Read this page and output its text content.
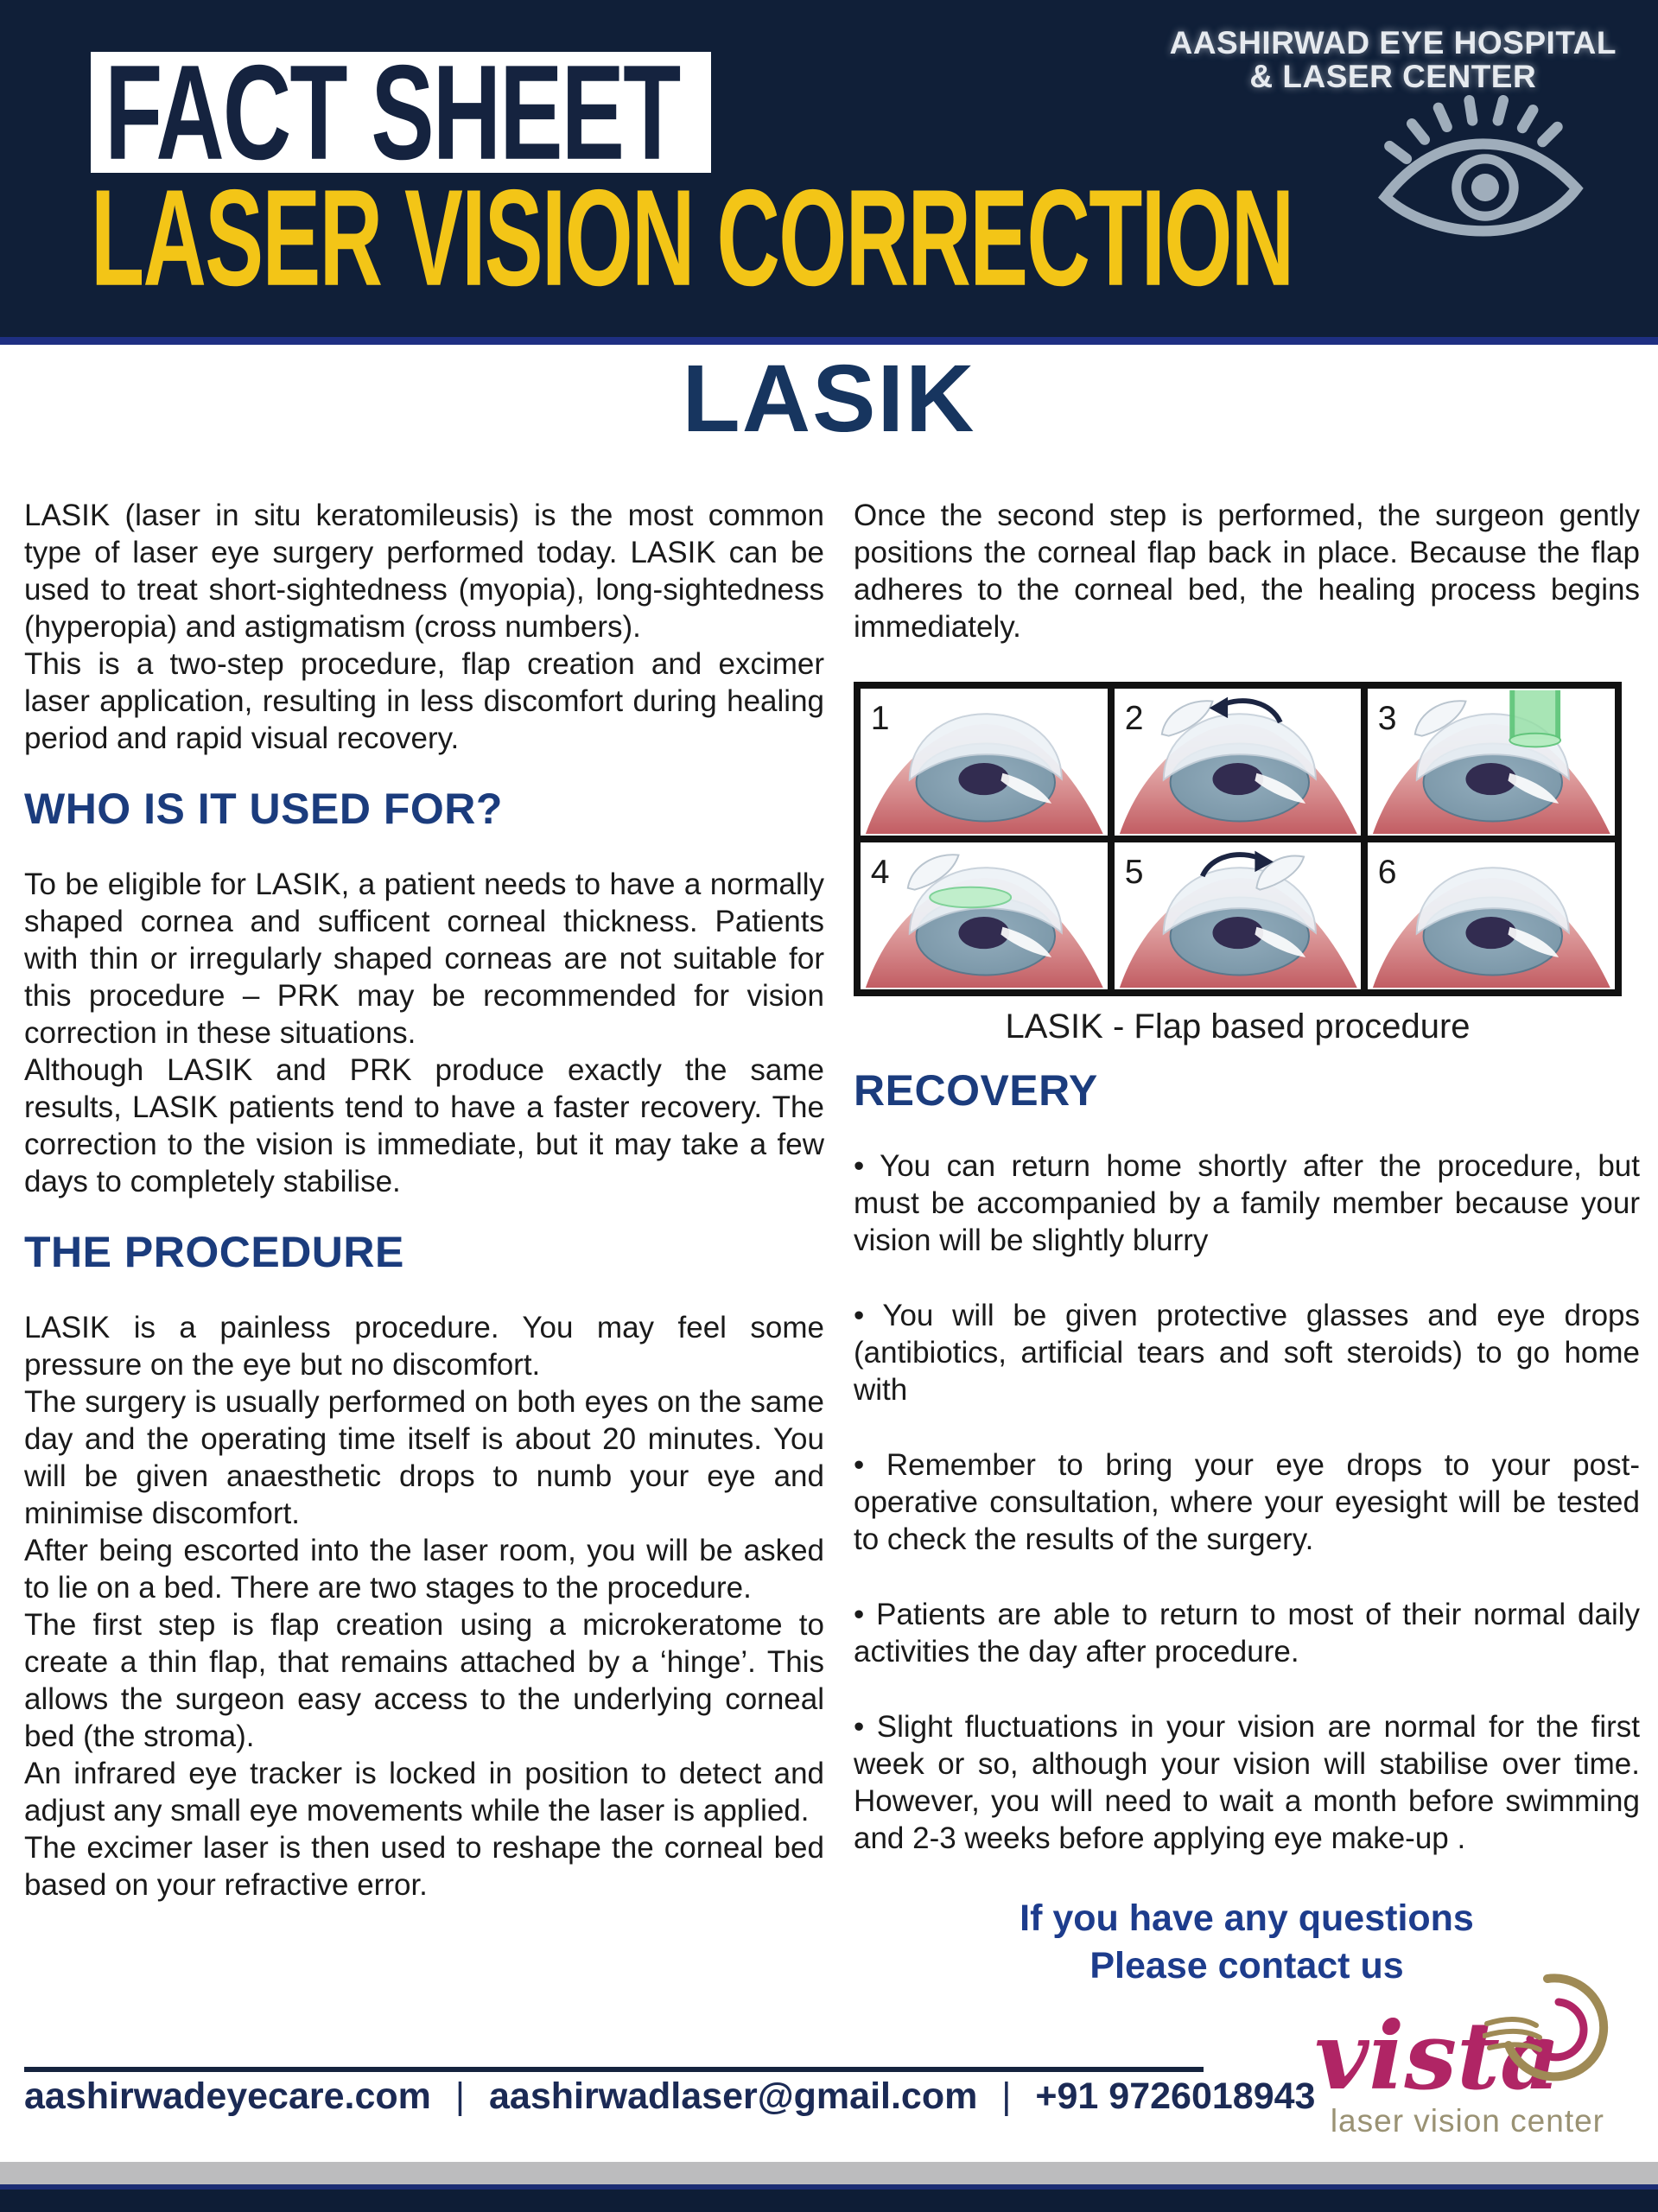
FACT SHEET
LASER VISION CORRECTION
AASHIRWAD EYE HOSPITAL
& LASER CENTER
LASIK

LASIK (laser in situ keratomileusis) is the most common type of laser eye surgery performed today. LASIK can be used to treat short-sightedness (myopia), long-sightedness (hyperopia) and astigmatism (cross numbers).

This is a two-step procedure, flap creation and excimer laser application, resulting in less discomfort during healing period and rapid visual recovery.

WHO IS IT USED FOR?

To be eligible for LASIK, a patient needs to have a normally shaped cornea and sufficent corneal thickness. Patients with thin or irregularly shaped corneas are not suitable for this procedure – PRK may be recommended for vision correction in these situations.

Although LASIK and PRK produce exactly the same results, LASIK patients tend to have a faster recovery. The correction to the vision is immediate, but it may take a few days to completely stabilise.

THE PROCEDURE

LASIK is a painless procedure. You may feel some pressure on the eye but no discomfort.

The surgery is usually performed on both eyes on the same day and the operating time itself is about 20 minutes. You will be given anaesthetic drops to numb your eye and minimise discomfort.

After being escorted into the laser room, you will be asked to lie on a bed. There are two stages to the procedure.

The first step is flap creation using a microkeratome to create a thin flap, that remains attached by a ‘hinge’. This allows the surgeon easy access to the underlying corneal bed (the stroma).

An infrared eye tracker is locked in position to detect and adjust any small eye movements while the laser is applied.

The excimer laser is then used to reshape the corneal bed based on your refractive error.

Once the second step is performed, the surgeon gently positions the corneal flap back in place. Because the flap adheres to the corneal bed, the healing process begins immediately.

1	2	3
4	5	6
LASIK - Flap based procedure
RECOVERY

• You can return home shortly after the procedure, but must be accompanied by a family member because your vision will be slightly blurry

• You will be given protective glasses and eye drops (antibiotics, artificial tears and soft steroids) to go home with

• Remember to bring your eye drops to your post-operative consultation, where your eyesight will be tested to check the results of the surgery.

• Patients are able to return to most of their normal daily activities the day after procedure.

• Slight fluctuations in your vision are normal for the first week or so, although your vision will stabilise over time. However, you will need to wait a month before swimming and 2-3 weeks before applying eye make-up .

If you have any questions
Please contact us
vista
laser vision center
aashirwadeyecare.com | aashirwadlaser@gmail.com | +91 9726018943
